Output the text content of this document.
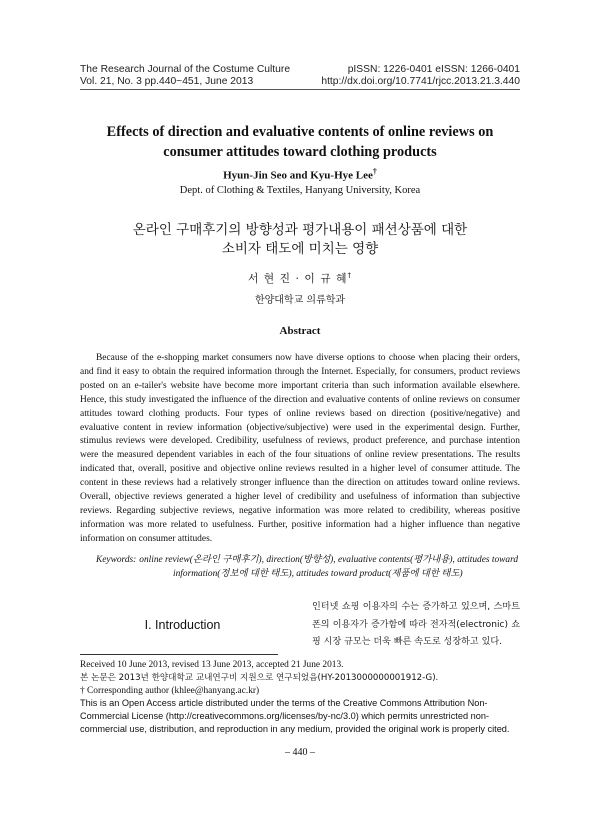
The Research Journal of the Costume Culture
Vol. 21, No. 3 pp.440~451, June 2013
pISSN: 1226-0401 eISSN: 1266-0401
http://dx.doi.org/10.7741/rjcc.2013.21.3.440
Effects of direction and evaluative contents of online reviews on
consumer attitudes toward clothing products
Hyun-Jin Seo and Kyu-Hye Lee†
Dept. of Clothing & Textiles, Hanyang University, Korea
온라인 구매후기의 방향성과 평가내용이 패션상품에 대한
소비자 태도에 미치는 영향
서 현 진 · 이 규 혜†
한양대학교 의류학과
Abstract
Because of the e-shopping market consumers now have diverse options to choose when placing their orders, and find it easy to obtain the required information through the Internet. Especially, for consumers, product reviews posted on an e-tailer's website have become more important criteria than such information available elsewhere. Hence, this study investigated the influence of the direction and evaluative contents of online reviews on consumer attitudes toward clothing products. Four types of online reviews based on direction (positive/negative) and evaluative content in review information (objective/subjective) were used in the experimental design. Further, stimulus reviews were developed. Credibility, usefulness of reviews, product preference, and purchase intention were the measured dependent variables in each of the four situations of online review presentations. The results indicated that, overall, positive and objective online reviews resulted in a higher level of consumer attitude. The content in these reviews had a relatively stronger influence than the direction on attitudes toward online reviews. Overall, objective reviews generated a higher level of credibility and usefulness of information than subjective reviews. Regarding subjective reviews, negative information was more related to credibility, whereas positive information was more related to usefulness. Further, positive information had a higher influence than negative information on consumer attitudes.
Keywords: online review(온라인 구매후기), direction(방향성), evaluative contents(평가내용), attitudes toward
information(정보에 대한 태도), attitudes toward product(제품에 대한 태도)
I. Introduction
인터넷 쇼핑 이용자의 수는 증가하고 있으며, 스마트폰의 이용자가 증가함에 따라 전자적(electronic) 쇼핑 시장 규모는 더욱 빠른 속도로 성장하고 있다.
Received 10 June 2013, revised 13 June 2013, accepted 21 June 2013.
본 논문은 2013년 한양대학교 교내연구비 지원으로 연구되었음(HY-2013000000001912-G).
† Corresponding author (khlee@hanyang.ac.kr)
This is an Open Access article distributed under the terms of the Creative Commons Attribution Non-Commercial License (http://creativecommons.org/licenses/by-nc/3.0) which permits unrestricted non-commercial use, distribution, and reproduction in any medium, provided the original work is properly cited.
– 440 –
